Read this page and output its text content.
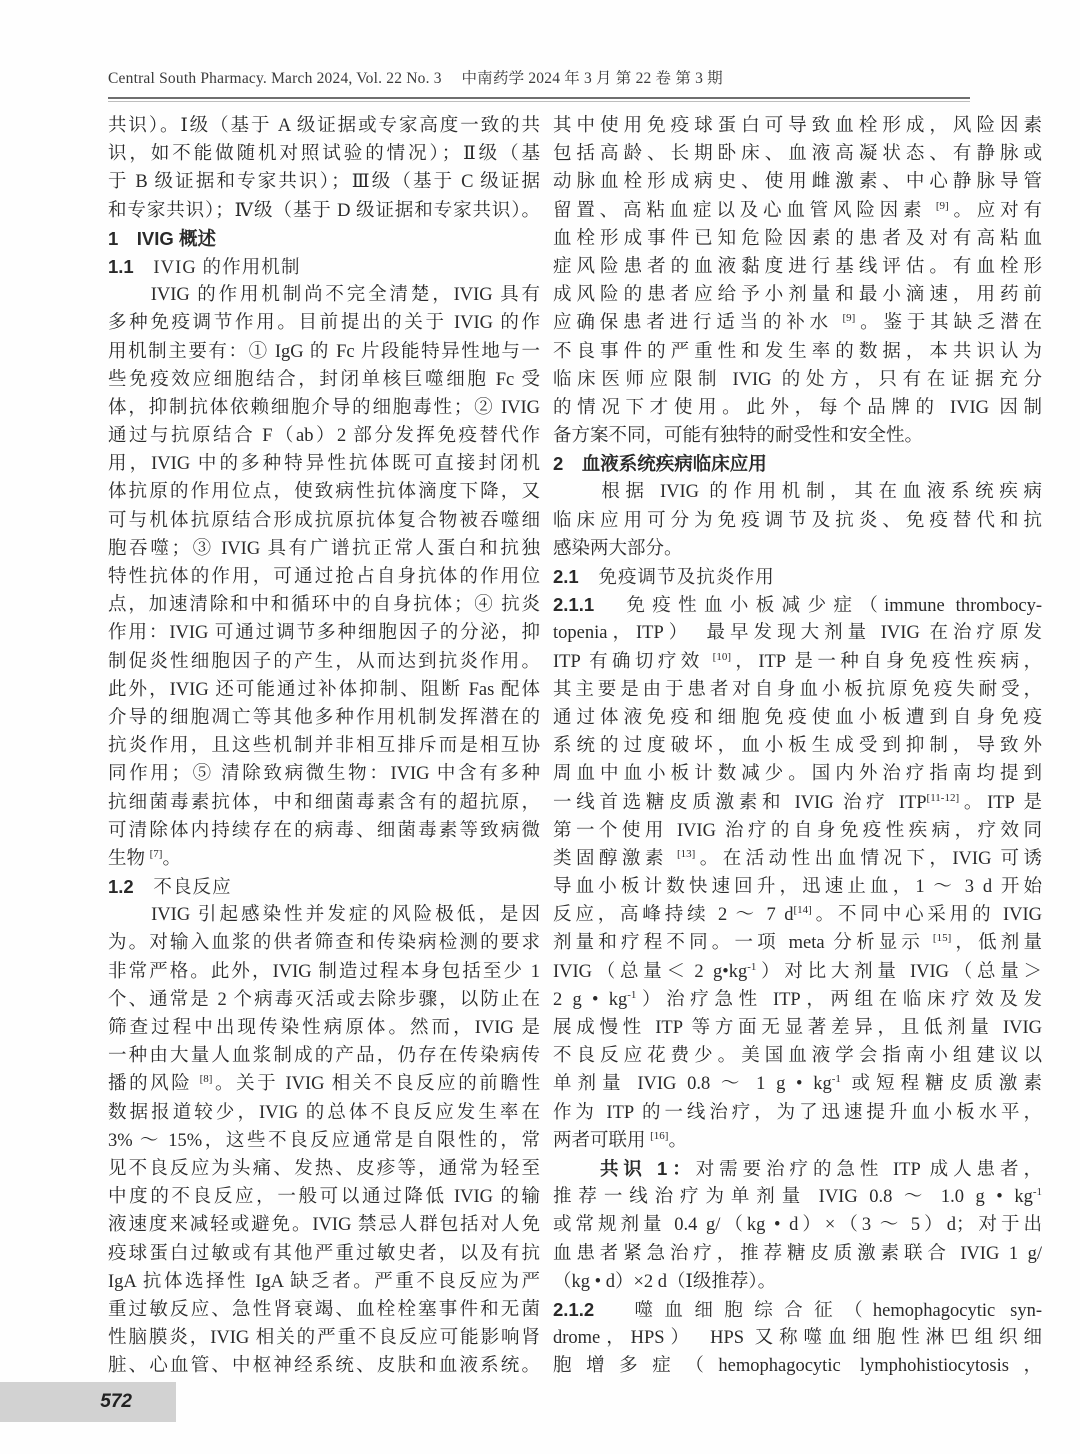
Central South Pharmacy. March 2024, Vol. 22 No. 3　 中南药学 2024 年 3 月 第 22 卷 第 3 期
共识）。Ⅰ级（基于 A 级证据或专家高度一致的共
识，如不能做随机对照试验的情况）；Ⅱ级（基
于 B 级证据和专家共识）；Ⅲ级（基于 C 级证据
和专家共识）；Ⅳ级（基于 D 级证据和专家共识）。
1　IVIG 概述
1.1　IVIG 的作用机制
　　IVIG 的作用机制尚不完全清楚，IVIG 具有
多种免疫调节作用。目前提出的关于 IVIG 的作
用机制主要有：① IgG 的 Fc 片段能特异性地与一
些免疫效应细胞结合，封闭单核巨噬细胞 Fc 受
体，抑制抗体依赖细胞介导的细胞毒性；② IVIG
通过与抗原结合 F（ab）2 部分发挥免疫替代作
用，IVIG 中的多种特异性抗体既可直接封闭机
体抗原的作用位点，使致病性抗体滴度下降，又
可与机体抗原结合形成抗原抗体复合物被吞噬细
胞吞噬；③ IVIG 具有广谱抗正常人蛋白和抗独
特性抗体的作用，可通过抢占自身抗体的作用位
点，加速清除和中和循环中的自身抗体；④ 抗炎
作用：IVIG 可通过调节多种细胞因子的分泌，抑
制促炎性细胞因子的产生，从而达到抗炎作用。
此外，IVIG 还可能通过补体抑制、阻断 Fas 配体
介导的细胞凋亡等其他多种作用机制发挥潜在的
抗炎作用，且这些机制并非相互排斥而是相互协
同作用；⑤ 清除致病微生物：IVIG 中含有多种
抗细菌毒素抗体，中和细菌毒素含有的超抗原，
可清除体内持续存在的病毒、细菌毒素等致病微
生物 [7]。
1.2　不良反应
　　IVIG 引起感染性并发症的风险极低，是因
为。对输入血浆的供者筛查和传染病检测的要求
非常严格。此外，IVIG 制造过程本身包括至少 1
个、通常是 2 个病毒灭活或去除步骤，以防止在
筛查过程中出现传染性病原体。然而，IVIG 是
一种由大量人血浆制成的产品，仍存在传染病传
播的风险 [8]。关于 IVIG 相关不良反应的前瞻性
数据报道较少，IVIG 的总体不良反应发生率在
3% ～ 15%，这些不良反应通常是自限性的，常
见不良反应为头痛、发热、皮疹等，通常为轻至
中度的不良反应，一般可以通过降低 IVIG 的输
液速度来减轻或避免。IVIG 禁忌人群包括对人免
疫球蛋白过敏或有其他严重过敏史者，以及有抗
IgA 抗体选择性 IgA 缺乏者。严重不良反应为严
重过敏反应、急性肾衰竭、血栓栓塞事件和无菌
性脑膜炎，IVIG 相关的严重不良反应可能影响肾
脏、心血管、中枢神经系统、皮肤和血液系统。
其中使用免疫球蛋白可导致血栓形成，风险因素
包括高龄、长期卧床、血液高凝状态、有静脉或
动脉血栓形成病史、使用雌激素、中心静脉导管
留置、高粘血症以及心血管风险因素 [9]。应对有
血栓形成事件已知危险因素的患者及对有高粘血
症风险患者的血液黏度进行基线评估。有血栓形
成风险的患者应给予小剂量和最小滴速，用药前
应确保患者进行适当的补水 [9]。鉴于其缺乏潜在
不良事件的严重性和发生率的数据，本共识认为
临床医师应限制 IVIG 的处方，只有在证据充分
的情况下才使用。此外，每个品牌的 IVIG 因制
备方案不同，可能有独特的耐受性和安全性。
2　血液系统疾病临床应用
　　根据 IVIG 的作用机制，其在血液系统疾病
临床应用可分为免疫调节及抗炎、免疫替代和抗
感染两大部分。
2.1　免疫调节及抗炎作用
2.1.1　免疫性血小板减少症（immune thrombocy-
topenia，ITP）　最早发现大剂量 IVIG 在治疗原发
ITP 有确切疗效 [10]，ITP 是一种自身免疫性疾病，
其主要是由于患者对自身血小板抗原免疫失耐受，
通过体液免疫和细胞免疫使血小板遭到自身免疫
系统的过度破坏，血小板生成受到抑制，导致外
周血中血小板计数减少。国内外治疗指南均提到
一线首选糖皮质激素和 IVIG 治疗 ITP[11-12]。ITP 是
第一个使用 IVIG 治疗的自身免疫性疾病，疗效同
类固醇激素 [13]。在活动性出血情况下，IVIG 可诱
导血小板计数快速回升，迅速止血，1 ～ 3 d 开始
反应，高峰持续 2 ～ 7 d[14]。不同中心采用的 IVIG
剂量和疗程不同。一项 meta 分析显示 [15]，低剂量
IVIG（总量＜ 2 $g•kg^{-1}$）对比大剂量 IVIG（总量＞
2 g • $kg^{-1}$）治疗急性 ITP，两组在临床疗效及发
展成慢性 ITP 等方面无显著差异，且低剂量 IVIG
不良反应花费少。美国血液学会指南小组建议以
单剂量 IVIG 0.8 ～ 1 g • $kg^{-1}$ 或短程糖皮质激素
作为 ITP 的一线治疗，为了迅速提升血小板水平，
两者可联用 [16]。
　　共识 1：对需要治疗的急性 ITP 成人患者，
推荐一线治疗为单剂量 IVIG 0.8 ～ 1.0 g • $kg^{-1}$
或常规剂量 0.4 g/（kg • d）×（3 ～ 5）d；对于出
血患者紧急治疗，推荐糖皮质激素联合 IVIG 1 g/
（kg • d）×2 d（Ⅰ级推荐）。
2.1.2　噬血细胞综合征（hemophagocytic syn-
drome，HPS）　HPS 又称噬血细胞性淋巴组织细
胞增多症（hemophagocytic lymphohistiocytosis，
572
